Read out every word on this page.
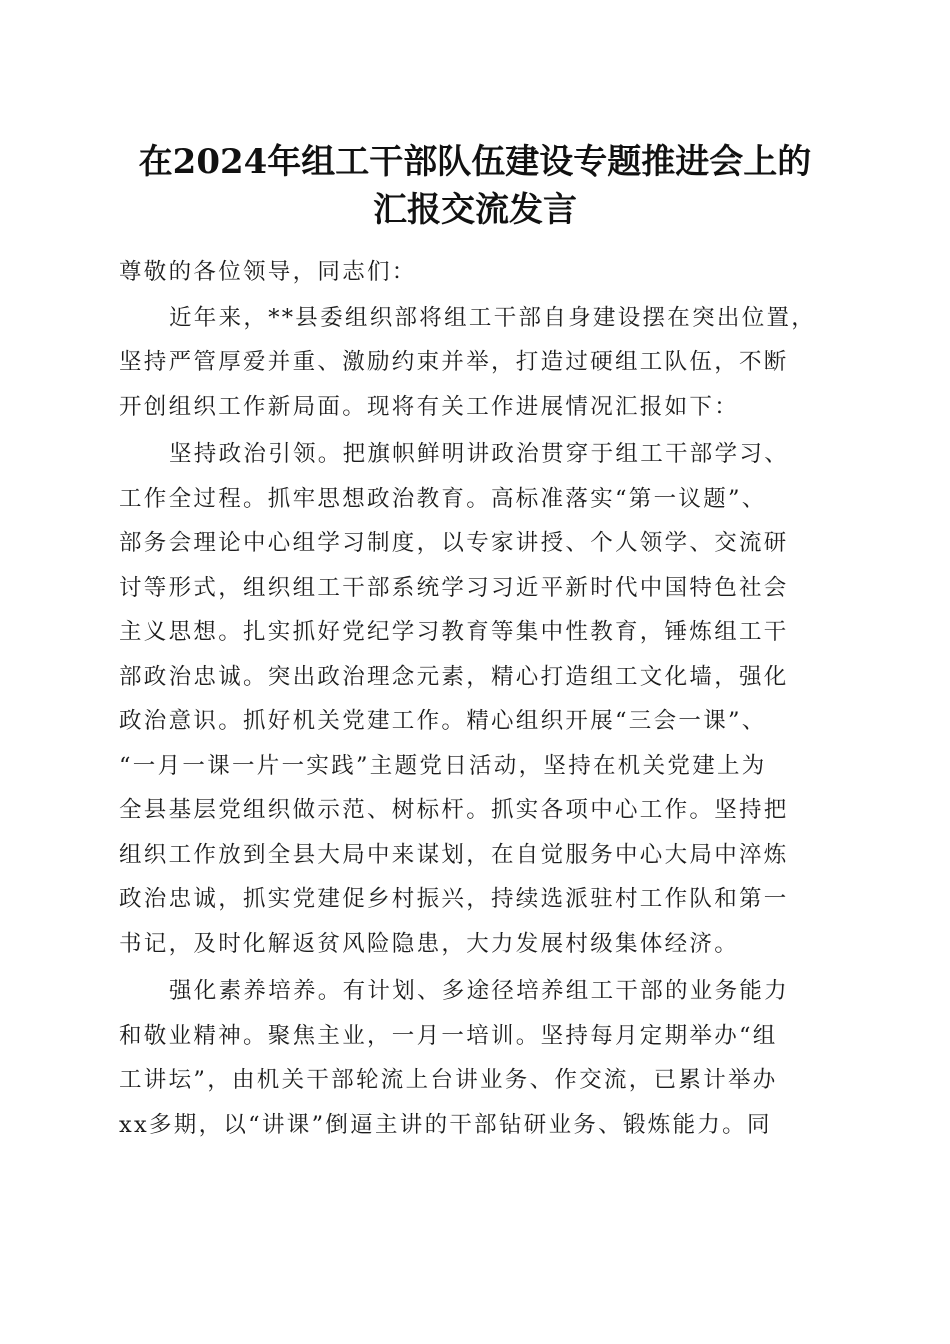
在2024年组工干部队伍建设专题推进会上的
汇报交流发言
尊敬的各位领导，同志们：
近年来，**县委组织部将组工干部自身建设摆在突出位置，
坚持严管厚爱并重、激励约束并举，打造过硬组工队伍，不断
开创组织工作新局面。现将有关工作进展情况汇报如下：
坚持政治引领。把旗帜鲜明讲政治贯穿于组工干部学习、
工作全过程。抓牢思想政治教育。高标准落实“第一议题”、
部务会理论中心组学习制度，以专家讲授、个人领学、交流研
讨等形式，组织组工干部系统学习习近平新时代中国特色社会
主义思想。扎实抓好党纪学习教育等集中性教育，锤炼组工干
部政治忠诚。突出政治理念元素，精心打造组工文化墙，强化
政治意识。抓好机关党建工作。精心组织开展“三会一课”、
“一月一课一片一实践”主题党日活动，坚持在机关党建上为
全县基层党组织做示范、树标杆。抓实各项中心工作。坚持把
组织工作放到全县大局中来谋划，在自觉服务中心大局中淬炼
政治忠诚，抓实党建促乡村振兴，持续选派驻村工作队和第一
书记，及时化解返贫风险隐患，大力发展村级集体经济。
强化素养培养。有计划、多途径培养组工干部的业务能力
和敬业精神。聚焦主业，一月一培训。坚持每月定期举办“组
工讲坛”，由机关干部轮流上台讲业务、作交流，已累计举办
xx多期，以“讲课”倒逼主讲的干部钻研业务、锻炼能力。同
